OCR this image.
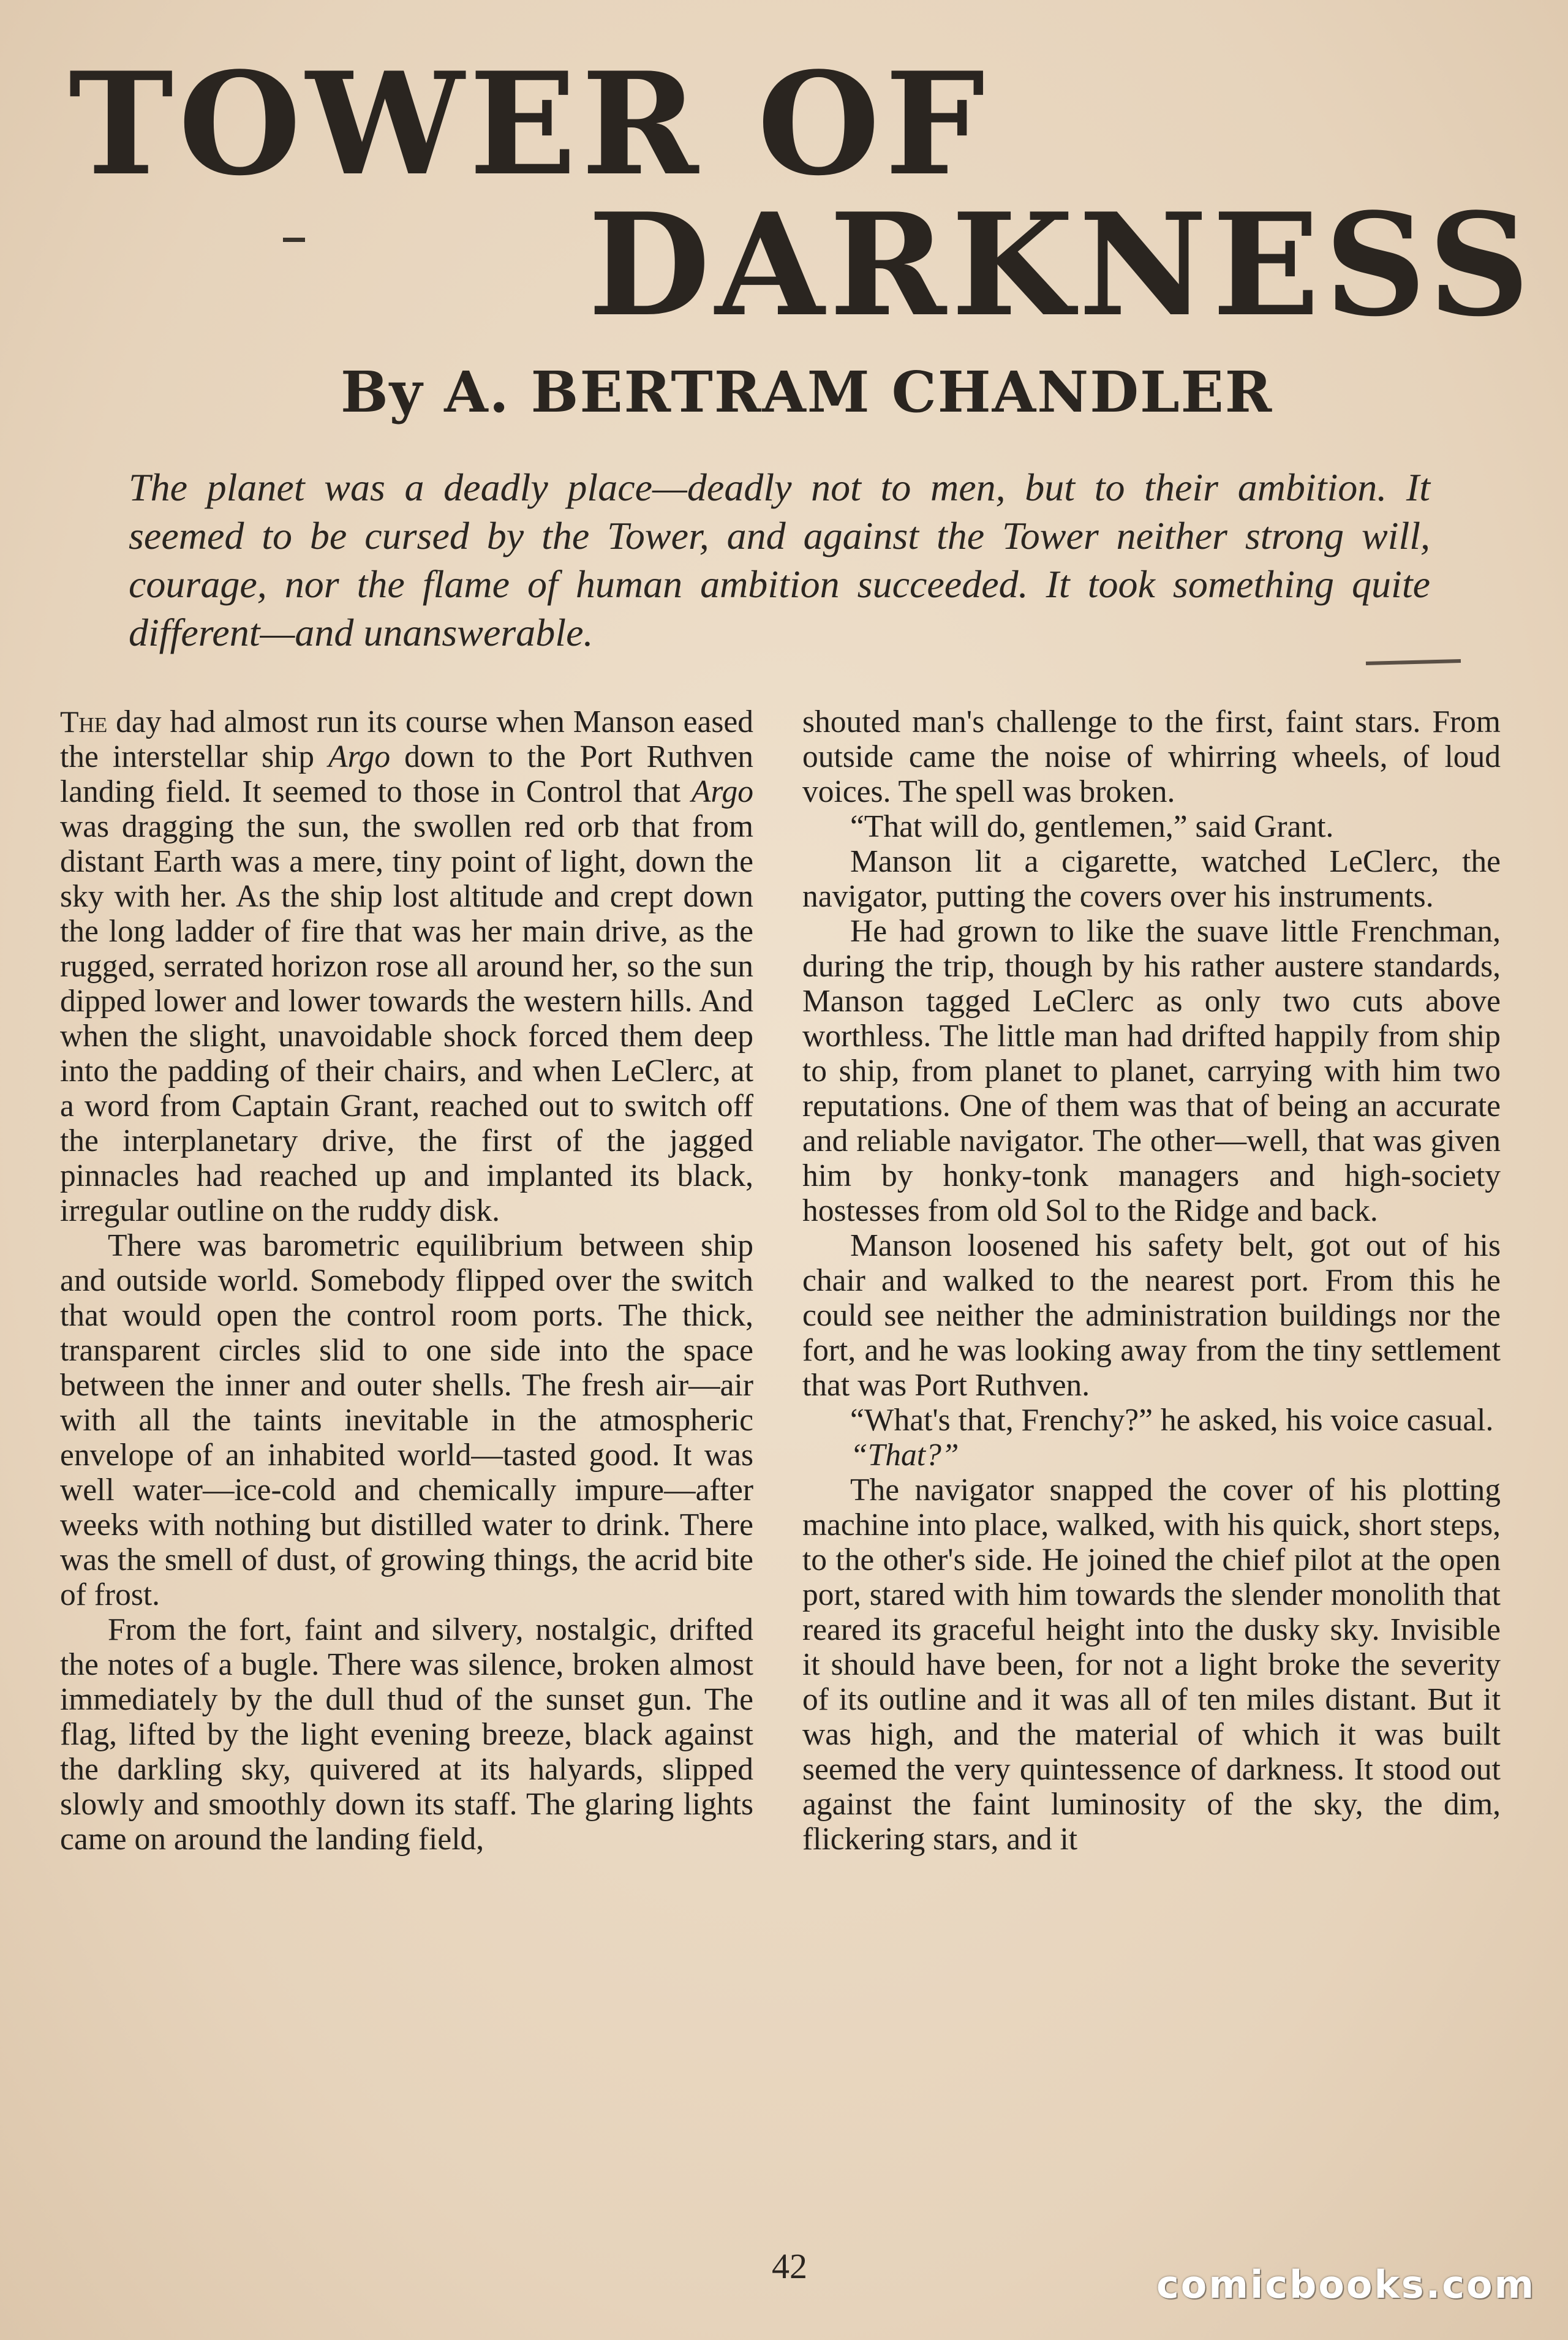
TOWER OF
DARKNESS
By A. BERTRAM CHANDLER
The planet was a deadly place—deadly not to men, but to their ambition. It seemed to be cursed by the Tower, and against the Tower neither strong will, courage, nor the flame of human ambition succeeded. It took something quite different—and unanswerable.

The day had almost run its course when Manson eased the interstellar ship Argo down to the Port Ruthven landing field. It seemed to those in Control that Argo was dragging the sun, the swollen red orb that from distant Earth was a mere, tiny point of light, down the sky with her. As the ship lost altitude and crept down the long ladder of fire that was her main drive, as the rugged, serrated horizon rose all around her, so the sun dipped lower and lower towards the western hills. And when the slight, unavoidable shock forced them deep into the padding of their chairs, and when LeClerc, at a word from Captain Grant, reached out to switch off the interplanetary drive, the first of the jagged pinnacles had reached up and implanted its black, irregular outline on the ruddy disk.

There was barometric equilibrium between ship and outside world. Somebody flipped over the switch that would open the control room ports. The thick, transparent circles slid to one side into the space between the inner and outer shells. The fresh air—air with all the taints inevitable in the atmospheric envelope of an inhabited world—tasted good. It was well water—ice-cold and chemically impure—after weeks with nothing but distilled water to drink. There was the smell of dust, of growing things, the acrid bite of frost.

From the fort, faint and silvery, nostalgic, drifted the notes of a bugle. There was silence, broken almost immediately by the dull thud of the sunset gun. The flag, lifted by the light evening breeze, black against the darkling sky, quivered at its halyards, slipped slowly and smoothly down its staff. The glaring lights came on around the landing field,

shouted man's challenge to the first, faint stars. From outside came the noise of whirring wheels, of loud voices. The spell was broken.

“That will do, gentlemen,” said Grant.

Manson lit a cigarette, watched LeClerc, the navigator, putting the covers over his instruments.

He had grown to like the suave little Frenchman, during the trip, though by his rather austere standards, Manson tagged LeClerc as only two cuts above worthless. The little man had drifted happily from ship to ship, from planet to planet, carrying with him two reputations. One of them was that of being an accurate and reliable navigator. The other—well, that was given him by honky-tonk managers and high-society hostesses from old Sol to the Ridge and back.

Manson loosened his safety belt, got out of his chair and walked to the nearest port. From this he could see neither the administration buildings nor the fort, and he was looking away from the tiny settlement that was Port Ruthven.

“What's that, Frenchy?” he asked, his voice casual.

“That?”

The navigator snapped the cover of his plotting machine into place, walked, with his quick, short steps, to the other's side. He joined the chief pilot at the open port, stared with him towards the slender monolith that reared its graceful height into the dusky sky. Invisible it should have been, for not a light broke the severity of its outline and it was all of ten miles distant. But it was high, and the material of which it was built seemed the very quintessence of darkness. It stood out against the faint luminosity of the sky, the dim, flickering stars, and it

42	comicbooks.com
